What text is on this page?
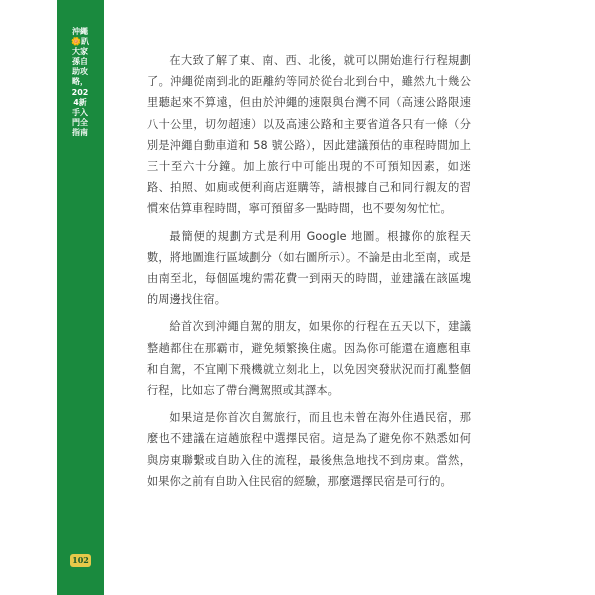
沖繩🌼趴大家孫自助攻略，2024新手入門全指南
102

在大致了解了東、南、西、北後，就可以開始進行行程規劃了。沖繩從南到北的距離約等同於從台北到台中，雖然九十幾公里聽起來不算遠，但由於沖繩的速限與台灣不同（高速公路限速八十公里，切勿超速）以及高速公路和主要省道各只有一條（分別是沖繩自動車道和 58 號公路），因此建議預估的車程時間加上三十至六十分鐘。加上旅行中可能出現的不可預知因素，如迷路、拍照、如廁或便利商店逛購等，請根據自己和同行親友的習慣來估算車程時間，寧可預留多一點時間，也不要匆匆忙忙。

最簡便的規劃方式是利用 Google 地圖。根據你的旅程天數，將地圖進行區域劃分（如右圖所示）。不論是由北至南，或是由南至北，每個區塊約需花費一到兩天的時間，並建議在該區塊的周邊找住宿。

給首次到沖繩自駕的朋友，如果你的行程在五天以下，建議整趟都住在那霸市，避免頻繁換住處。因為你可能還在適應租車和自駕，不宜剛下飛機就立刻北上，以免因突發狀況而打亂整個行程，比如忘了帶台灣駕照或其譯本。

如果這是你首次自駕旅行，而且也未曾在海外住過民宿，那麼也不建議在這趟旅程中選擇民宿。這是為了避免你不熟悉如何與房東聯繫或自助入住的流程，最後焦急地找不到房東。當然，如果你之前有自助入住民宿的經驗，那麼選擇民宿是可行的。
